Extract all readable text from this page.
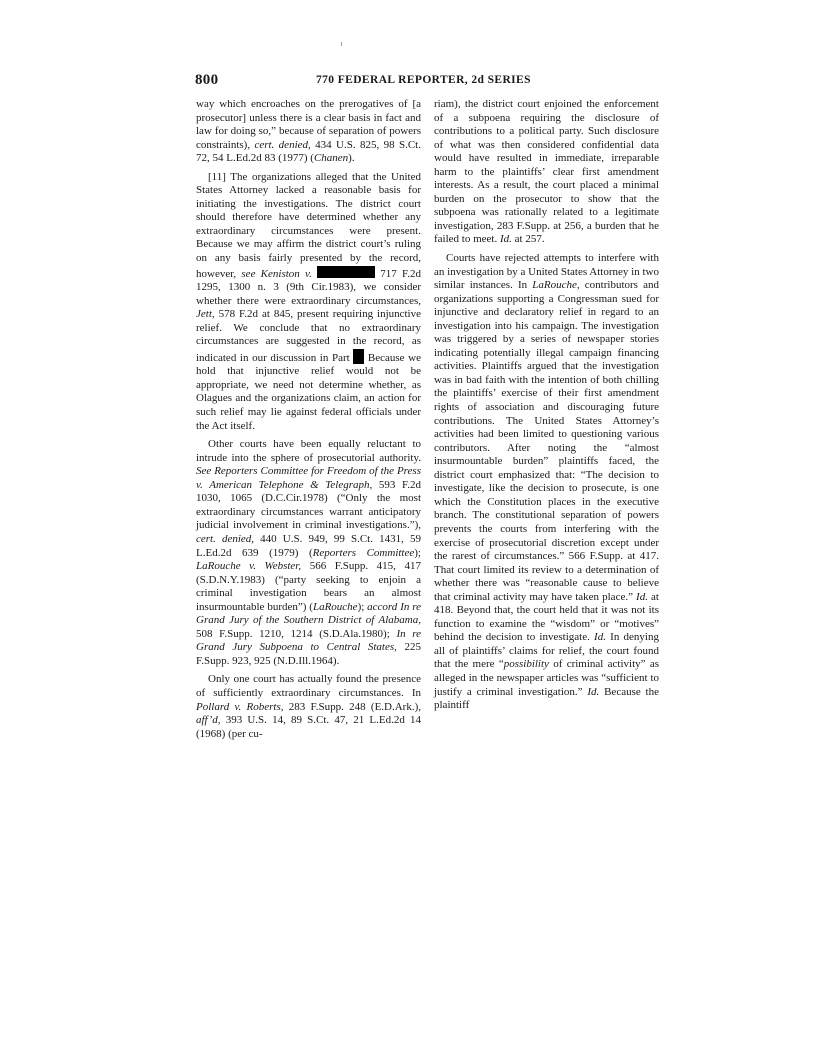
800	770 FEDERAL REPORTER, 2d SERIES

way which encroaches on the prerogatives of [a prosecutor] unless there is a clear basis in fact and law for doing so,” because of separation of powers constraints), cert. denied, 434 U.S. 825, 98 S.Ct. 72, 54 L.Ed.2d 83 (1977) (Chanen).

[11] The organizations alleged that the United States Attorney lacked a reasonable basis for initiating the investigations. The district court should therefore have determined whether any extraordinary circumstances were present. Because we may affirm the district court’s ruling on any basis fairly presented by the record, however, see Keniston v.	717 F.2d 1295, 1300 n. 3 (9th Cir.1983), we consider whether there were extraordinary circumstances, Jett, 578 F.2d at 845, present requiring injunctive relief. We conclude that no extraordinary circumstances are suggested in the record, as indicated in our discussion in Part  Because we hold that injunctive relief would not be appropriate, we need not determine whether, as Olagues and the organizations claim, an action for such relief may lie against federal officials under the Act itself.

Other courts have been equally reluctant to intrude into the sphere of prosecutorial authority. See Reporters Committee for Freedom of the Press v. American Telephone & Telegraph, 593 F.2d 1030, 1065 (D.C.Cir.1978) (“Only the most extraordinary circumstances warrant anticipatory judicial involvement in criminal investigations.”), cert. denied, 440 U.S. 949, 99 S.Ct. 1431, 59 L.Ed.2d 639 (1979) (Reporters Committee); LaRouche v. Webster, 566 F.Supp. 415, 417 (S.D.N.Y.1983) (“party seeking to enjoin a criminal investigation bears an almost insurmountable burden”) (LaRouche); accord In re Grand Jury of the Southern District of Alabama, 508 F.Supp. 1210, 1214 (S.D.Ala.1980); In re Grand Jury Subpoena to Central States, 225 F.Supp. 923, 925 (N.D.Ill.1964).

Only one court has actually found the presence of sufficiently extraordinary circumstances. In Pollard v. Roberts, 283 F.Supp. 248 (E.D.Ark.), aff’d, 393 U.S. 14, 89 S.Ct. 47, 21 L.Ed.2d 14 (1968) (per cu-

riam), the district court enjoined the enforcement of a subpoena requiring the disclosure of contributions to a political party. Such disclosure of what was then considered confidential data would have resulted in immediate, irreparable harm to the plaintiffs’ clear first amendment interests. As a result, the court placed a minimal burden on the prosecutor to show that the subpoena was rationally related to a legitimate investigation, 283 F.Supp. at 256, a burden that he failed to meet. Id. at 257.

Courts have rejected attempts to interfere with an investigation by a United States Attorney in two similar instances. In LaRouche, contributors and organizations supporting a Congressman sued for injunctive and declaratory relief in regard to an investigation into his campaign. The investigation was triggered by a series of newspaper stories indicating potentially illegal campaign financing activities. Plaintiffs argued that the investigation was in bad faith with the intention of both chilling the plaintiffs’ exercise of their first amendment rights of association and discouraging future contributions. The United States Attorney’s activities had been limited to questioning various contributors. After noting the “almost insurmountable burden” plaintiffs faced, the district court emphasized that: “The decision to investigate, like the decision to prosecute, is one which the Constitution places in the executive branch. The constitutional separation of powers prevents the courts from interfering with the exercise of prosecutorial discretion except under the rarest of circumstances.” 566 F.Supp. at 417. That court limited its review to a determination of whether there was “reasonable cause to believe that criminal activity may have taken place.” Id. at 418. Beyond that, the court held that it was not its function to examine the “wisdom” or “motives” behind the decision to investigate. Id. In denying all of plaintiffs’ claims for relief, the court found that the mere “possibility of criminal activity” as alleged in the newspaper articles was “sufficient to justify a criminal investigation.” Id. Because the plaintiff
